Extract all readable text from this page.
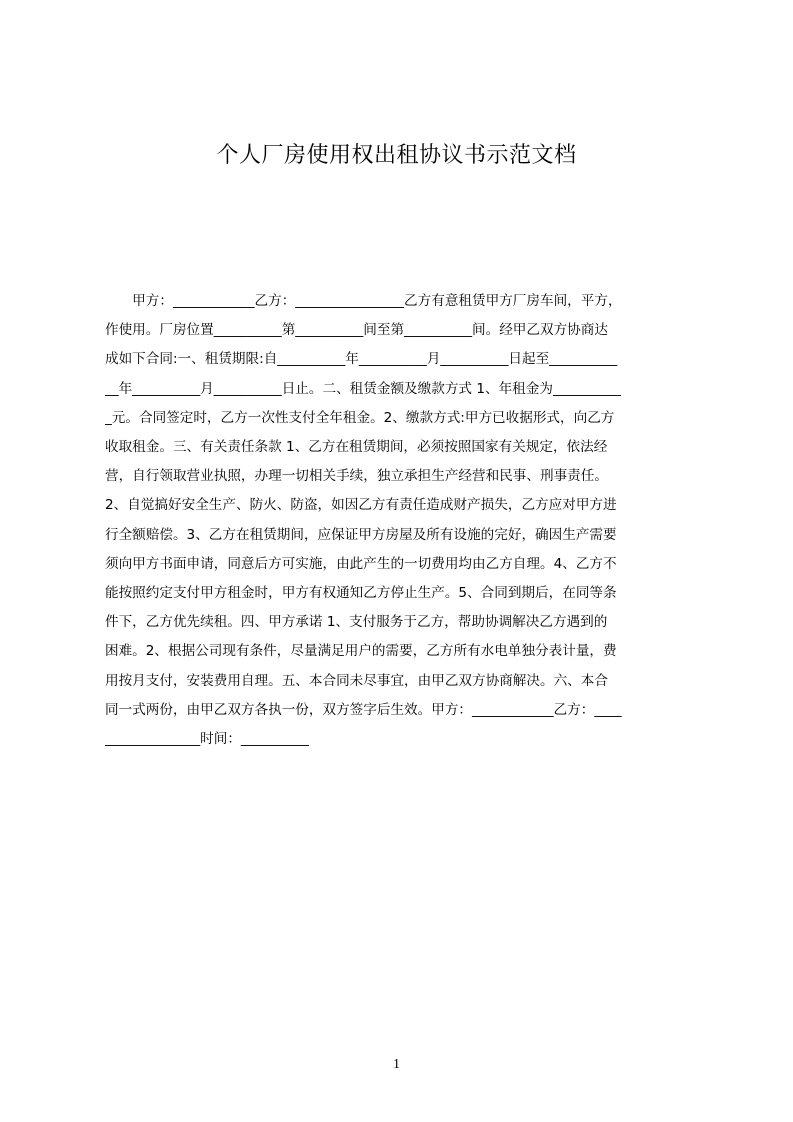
个人厂房使用权出租协议书示范文档
　　甲方：____________乙方：________________乙方有意租赁甲方厂房车间，平方，
作使用。厂房位置__________第__________间至第__________间。经甲乙双方协商达
成如下合同:一、租赁期限:自__________年__________月__________日起至__________
__年__________月__________日止。二、租赁金额及缴款方式 1、年租金为__________
_元。合同签定时，乙方一次性支付全年租金。2、缴款方式:甲方已收据形式，向乙方
收取租金。三、有关责任条款 1、乙方在租赁期间，必须按照国家有关规定，依法经
营，自行领取营业执照，办理一切相关手续，独立承担生产经营和民事、刑事责任。
2、自觉搞好安全生产、防火、防盗，如因乙方有责任造成财产损失，乙方应对甲方进
行全额赔偿。3、乙方在租赁期间，应保证甲方房屋及所有设施的完好，确因生产需要
须向甲方书面申请，同意后方可实施，由此产生的一切费用均由乙方自理。4、乙方不
能按照约定支付甲方租金时，甲方有权通知乙方停止生产。5、合同到期后，在同等条
件下，乙方优先续租。四、甲方承诺 1、支付服务于乙方，帮助协调解决乙方遇到的
困难。2、根据公司现有条件，尽量满足用户的需要，乙方所有水电单独分表计量，费
用按月支付，安装费用自理。五、本合同未尽事宜，由甲乙双方协商解决。六、本合
同一式两份，由甲乙双方各执一份，双方签字后生效。甲方：____________乙方：____
______________时间：__________
1
